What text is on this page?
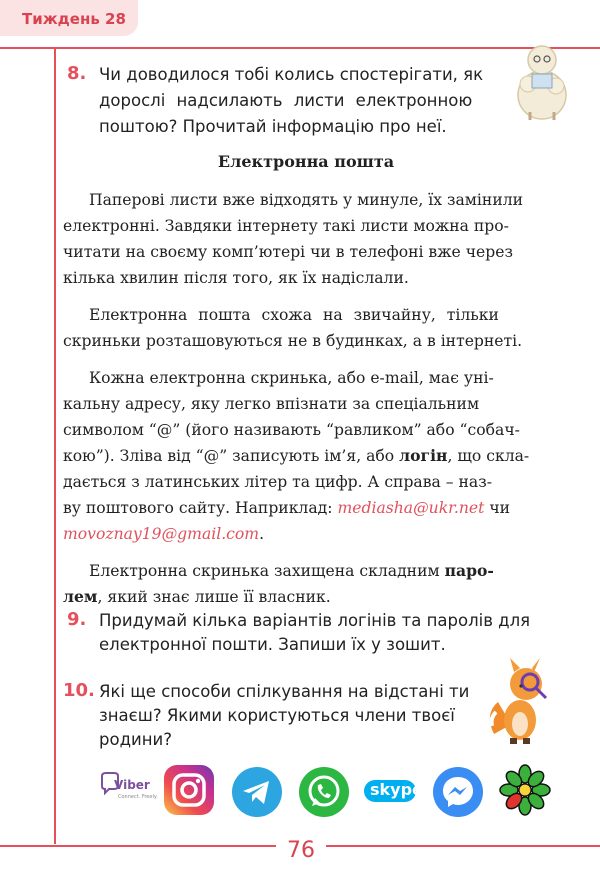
Тиждень 28
8. Чи доводилося тобі колись спостерігати, як
дорослі надсилають листи електронною
поштою? Прочитай інформацію про неї.
Електронна пошта
Паперові листи вже відходять у минуле, їх замінили
електронні. Завдяки інтернету такі листи можна про-
читати на своєму комп’ютері чи в телефоні вже через
кілька хвилин після того, як їх надіслали.
Електронна пошта схожа на звичайну, тільки
скриньки розташовуються не в будинках, а в інтернеті.
Кожна електронна скринька, або e-mail, має уні-
кальну адресу, яку легко впізнати за спеціальним
символом “@” (його називають “равликом” або “собач-
кою”). Зліва від “@” записують ім’я, або логін, що скла-
дається з латинських літер та цифр. А справа – наз-
ву поштового сайту. Наприклад: mediasha@ukr.net чи
movoznay19@gmail.com.
Електронна скринька захищена складним паро-
лем, який знає лише її власник.
9. Придумай кілька варіантів логінів та паролів для
електронної пошти. Запиши їх у зошит.
10. Які ще способи спілкування на відстані ти
знаєш? Якими користуються члени твоєї
родини?
Viber
Connect. Freely.	skype
76
